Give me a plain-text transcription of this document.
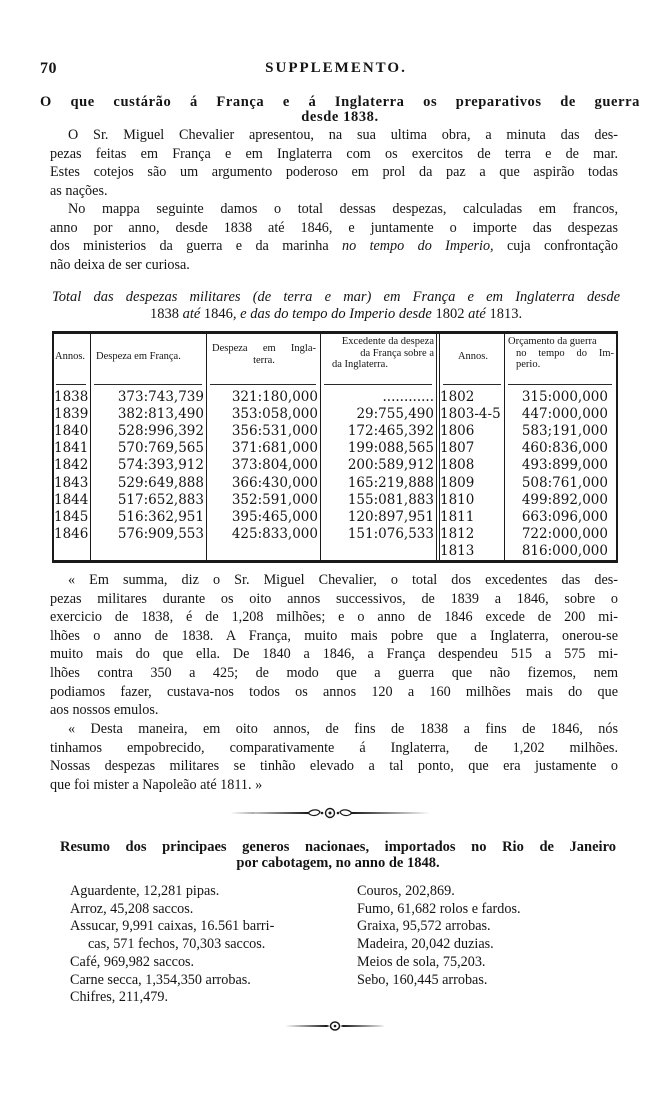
70	SUPPLEMENTO.
O que custárão á França e á Inglaterra os preparativos de guerra
desde 1838.
O Sr. Miguel Chevalier apresentou, na sua ultima obra, a minuta das des-
pezas feitas em França e em Inglaterra com os exercitos de terra e de mar.
Estes cotejos são um argumento poderoso em prol da paz a que aspirão todas
as nações.
No mappa seguinte damos o total dessas despezas, calculadas em francos,
anno por anno, desde 1838 até 1846, e juntamente o importe das despezas
dos ministerios da guerra e da marinha no tempo do Imperio, cuja confrontação
não deixa de ser curiosa.
Total das despezas militares (de terra e mar) em França e em Inglaterra desde
1838 até 1846, e das do tempo do Imperio desde 1802 até 1813.
Annos.	Despeza em França.
Despeza em Ingla-
terra.
Excedente da despeza
da França sobre a
da Inglaterra.
Annos.
Orçamento da guerra
no tempo do Im-
perio.
1838	373:743,739	321:180,000	............ 1802	315:000,000
1839	382:813,490	353:058,000	29:755,490 1803-4-5	447:000,000
1840	528:996,392	356:531,000	172:465,392 1806	583;191,000
1841	570:769,565	371:681,000	199:088,565 1807	460:836,000
1842	574:393,912	373:804,000	200:589,912 1808	493:899,000
1843	529:649,888	366:430,000	165:219,888 1809	508:761,000
1844	517:652,883	352:591,000	155:081,883 1810	499:892,000
1845	516:362,951	395:465,000	120:897,951 1811	663:096,000
1846	576:909,553	425:833,000	151:076,533 1812	722:000,000
1813	816:000,000
« Em summa, diz o Sr. Miguel Chevalier, o total dos excedentes das des-
pezas militares durante os oito annos successivos, de 1839 a 1846, sobre o
exercicio de 1838, é de 1,208 milhões; e o anno de 1846 excede de 200 mi-
lhões o anno de 1838. A França, muito mais pobre que a Inglaterra, onerou-se
muito mais do que ella. De 1840 a 1846, a França despendeu 515 a 575 mi-
lhões contra 350 a 425; de modo que a guerra que não fizemos, nem
podiamos fazer, custava-nos todos os annos 120 a 160 milhões mais do que
aos nossos emulos.
« Desta maneira, em oito annos, de fins de 1838 a fins de 1846, nós
tinhamos empobrecido, comparativamente á Inglaterra, de 1,202 milhões.
Nossas despezas militares se tinhão elevado a tal ponto, que era justamente o
que foi mister a Napoleão até 1811. »
Resumo dos principaes generos nacionaes, importados no Rio de Janeiro
por cabotagem, no anno de 1848.
Aguardente, 12,281 pipas.
Arroz, 45,208 saccos.
Assucar, 9,991 caixas, 16.561 barri-
cas, 571 fechos, 70,303 saccos.
Café, 969,982 saccos.
Carne secca, 1,354,350 arrobas.
Chifres, 211,479.
Couros, 202,869.
Fumo, 61,682 rolos e fardos.
Graixa, 95,572 arrobas.
Madeira, 20,042 duzias.
Meios de sola, 75,203.
Sebo, 160,445 arrobas.
